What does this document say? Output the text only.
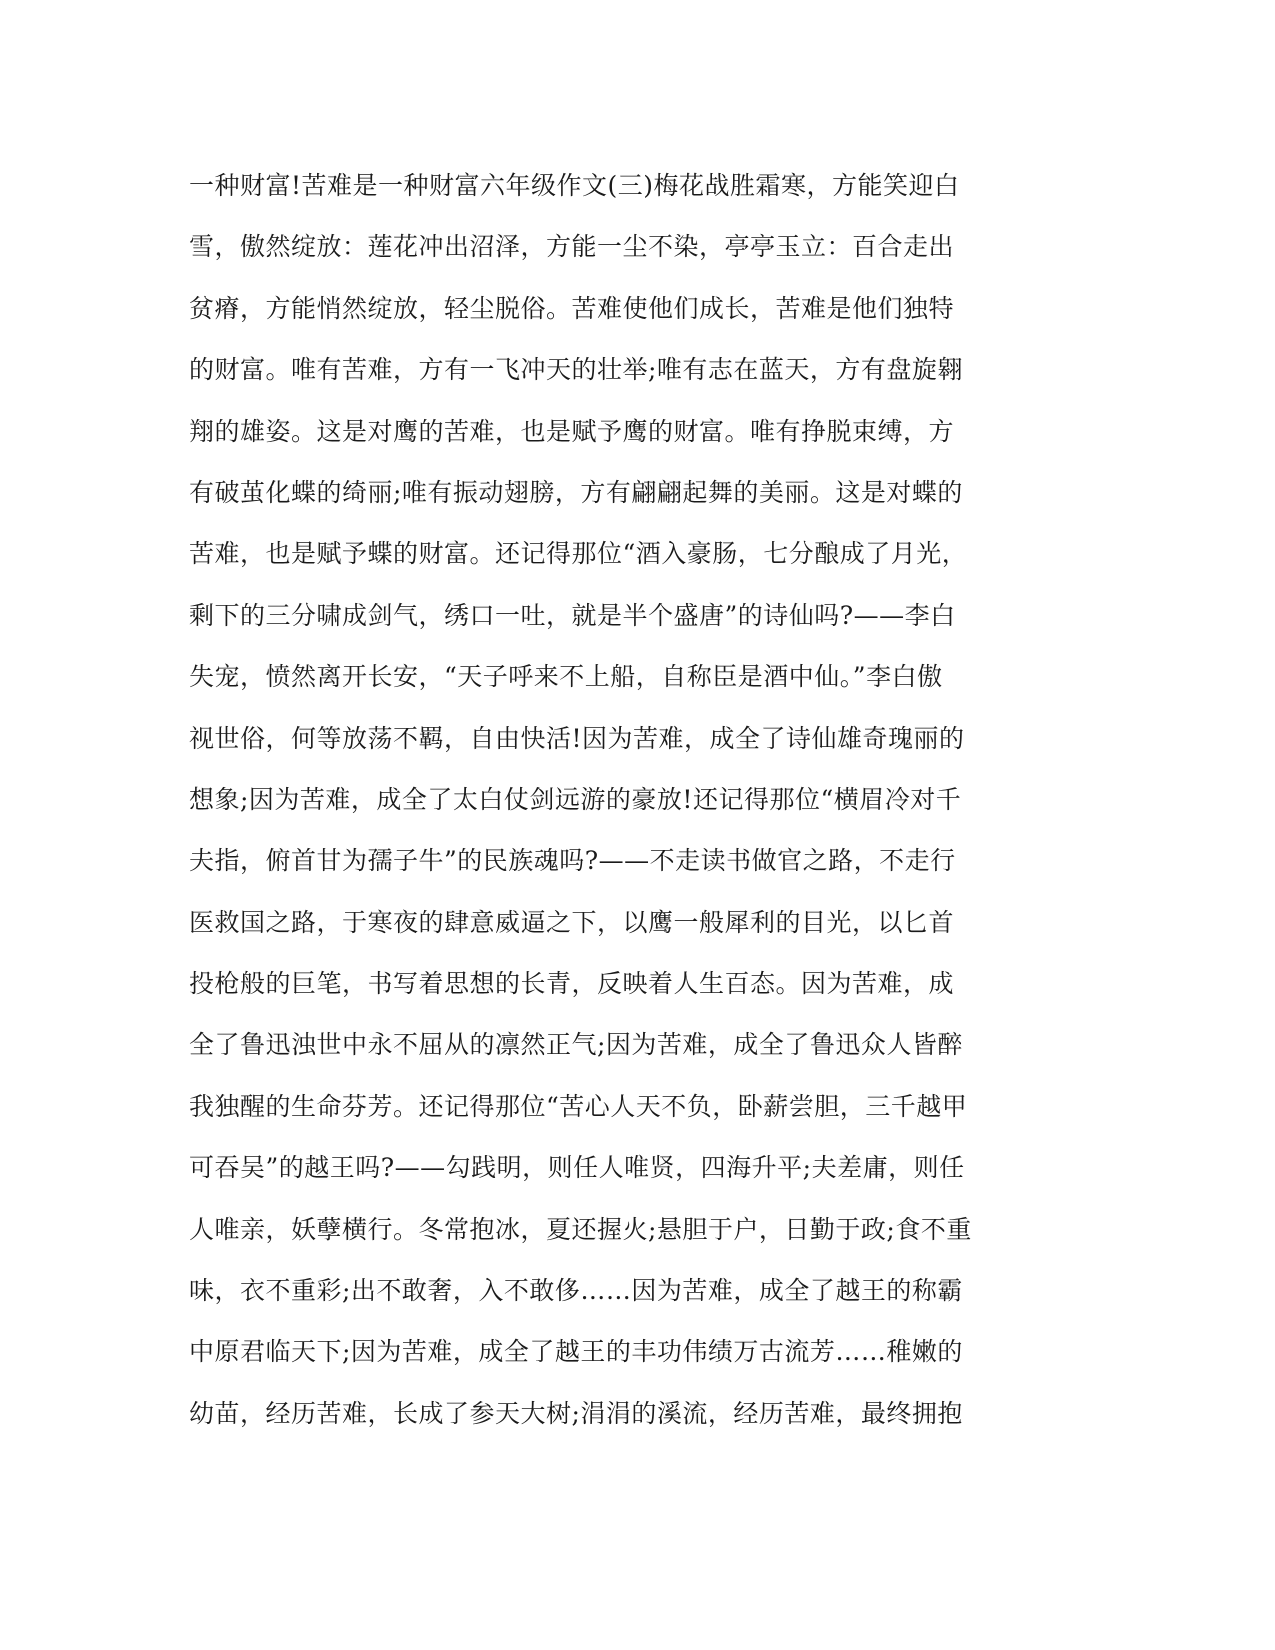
一种财富!苦难是一种财富六年级作文(三)梅花战胜霜寒，方能笑迎白
雪，傲然绽放：莲花冲出沼泽，方能一尘不染，亭亭玉立：百合走出
贫瘠，方能悄然绽放，轻尘脱俗。苦难使他们成长，苦难是他们独特
的财富。唯有苦难，方有一飞冲天的壮举;唯有志在蓝天，方有盘旋翱
翔的雄姿。这是对鹰的苦难，也是赋予鹰的财富。唯有挣脱束缚，方
有破茧化蝶的绮丽;唯有振动翅膀，方有翩翩起舞的美丽。这是对蝶的
苦难，也是赋予蝶的财富。还记得那位“酒入豪肠，七分酿成了月光，
剩下的三分啸成剑气，绣口一吐，就是半个盛唐”的诗仙吗?——李白
失宠，愤然离开长安，“天子呼来不上船，自称臣是酒中仙。”李白傲
视世俗，何等放荡不羁，自由快活!因为苦难，成全了诗仙雄奇瑰丽的
想象;因为苦难，成全了太白仗剑远游的豪放!还记得那位“横眉冷对千
夫指，俯首甘为孺子牛”的民族魂吗?——不走读书做官之路，不走行
医救国之路，于寒夜的肆意威逼之下，以鹰一般犀利的目光，以匕首
投枪般的巨笔，书写着思想的长青，反映着人生百态。因为苦难，成
全了鲁迅浊世中永不屈从的凛然正气;因为苦难，成全了鲁迅众人皆醉
我独醒的生命芬芳。还记得那位“苦心人天不负，卧薪尝胆，三千越甲
可吞吴”的越王吗?——勾践明，则任人唯贤，四海升平;夫差庸，则任
人唯亲，妖孽横行。冬常抱冰，夏还握火;悬胆于户，日勤于政;食不重
味，衣不重彩;出不敢奢，入不敢侈……因为苦难，成全了越王的称霸
中原君临天下;因为苦难，成全了越王的丰功伟绩万古流芳……稚嫩的
幼苗，经历苦难，长成了参天大树;涓涓的溪流，经历苦难，最终拥抱
